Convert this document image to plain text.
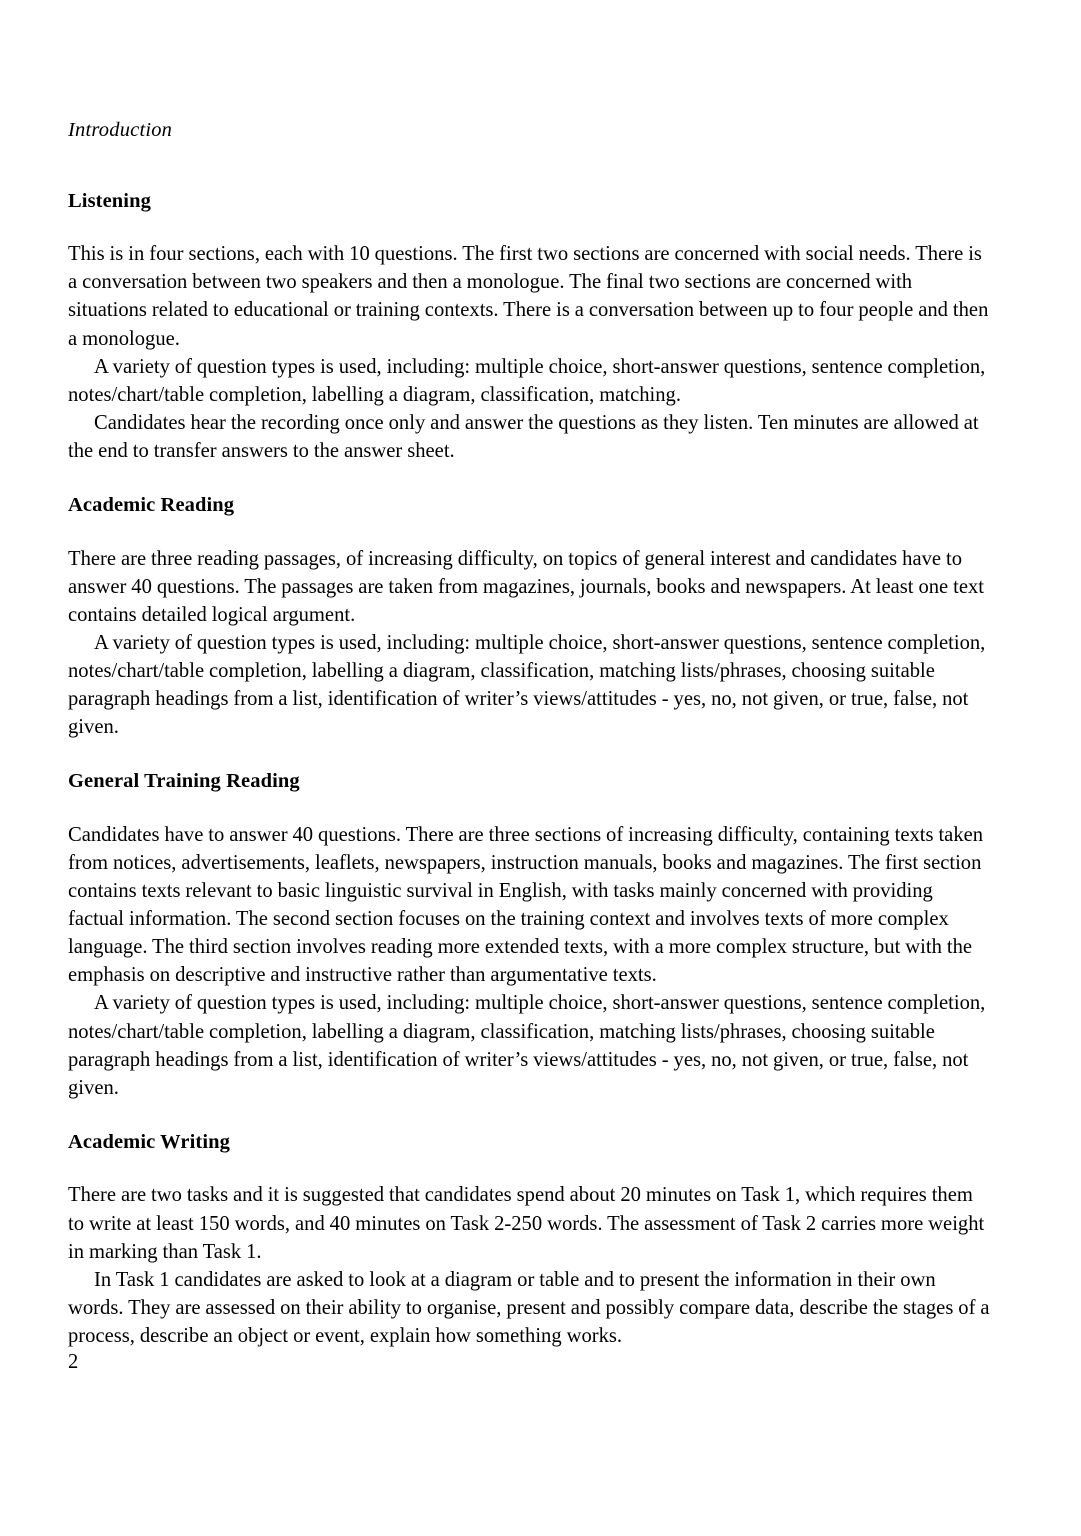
Introduction
Listening

This is in four sections, each with 10 questions. The first two sections are concerned with social needs. There is a conversation between two speakers and then a monologue. The final two sections are concerned with situations related to educational or training contexts. There is a conversation between up to four people and then a monologue.

A variety of question types is used, including: multiple choice, short-answer questions, sentence completion, notes/chart/table completion, labelling a diagram, classification, matching.

Candidates hear the recording once only and answer the questions as they listen. Ten minutes are allowed at the end to transfer answers to the answer sheet.

Academic Reading

There are three reading passages, of increasing difficulty, on topics of general interest and candidates have to answer 40 questions. The passages are taken from magazines, journals, books and newspapers. At least one text contains detailed logical argument.

A variety of question types is used, including: multiple choice, short-answer questions, sentence completion, notes/chart/table completion, labelling a diagram, classification, matching lists/phrases, choosing suitable paragraph headings from a list, identification of writer’s views/attitudes - yes, no, not given, or true, false, not given.

General Training Reading

Candidates have to answer 40 questions. There are three sections of increasing difficulty, containing texts taken from notices, advertisements, leaflets, newspapers, instruction manuals, books and magazines. The first section contains texts relevant to basic linguistic survival in English, with tasks mainly concerned with providing factual information. The second section focuses on the training context and involves texts of more complex language. The third section involves reading more extended texts, with a more complex structure, but with the emphasis on descriptive and instructive rather than argumentative texts.

A variety of question types is used, including: multiple choice, short-answer questions, sentence completion, notes/chart/table completion, labelling a diagram, classification, matching lists/phrases, choosing suitable paragraph headings from a list, identification of writer’s views/attitudes - yes, no, not given, or true, false, not given.

Academic Writing

There are two tasks and it is suggested that candidates spend about 20 minutes on Task 1, which requires them to write at least 150 words, and 40 minutes on Task 2-250 words. The assessment of Task 2 carries more weight in marking than Task 1.

In Task 1 candidates are asked to look at a diagram or table and to present the information in their own words. They are assessed on their ability to organise, present and possibly compare data, describe the stages of a process, describe an object or event, explain how something works.

2
